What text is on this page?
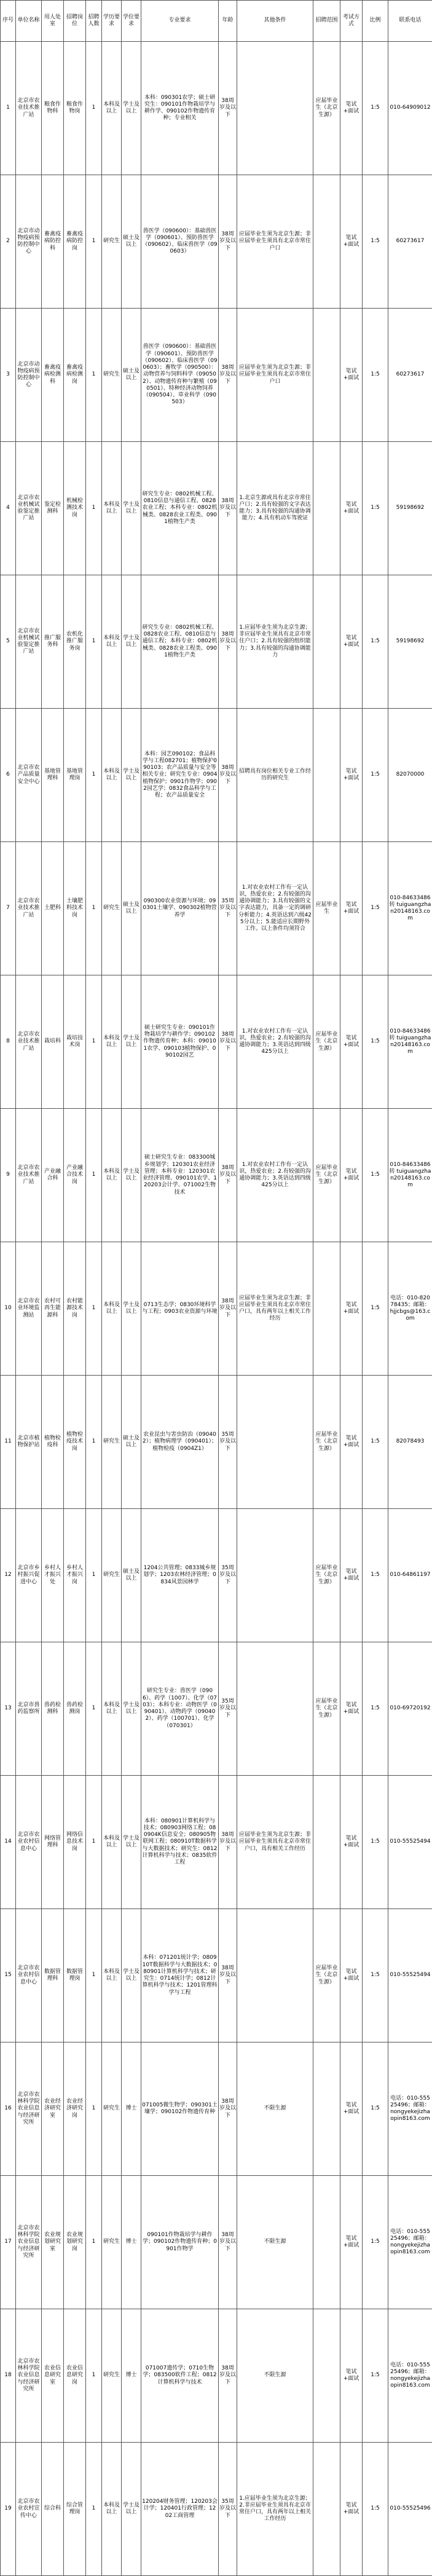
序号	单位名称	用人处室	招聘岗位	招聘人数	学历要求	学位要求	专业要求	年龄	其他条件	招聘范围	考试方式	比例	联系电话
1	北京市农业技术推广站	粮食作物科	粮食作物岗	1	本科及以上	学士及以上	本科：090301农学；硕士研究生：090101作物栽培学与耕作学、090102作物遗传育种；专业相关	38周岁及以下		应届毕业生（北京生源）	笔试+面试	1:5	010-64909012
2	北京市动物疫病预防控制中心	畜禽疫病防控科	畜禽疫病防控岗	1	研究生	硕士及以上	兽医学（090600）：基础兽医学（090601）、预防兽医学（090602）、临床兽医学（090603）	38周岁及以下	应届毕业生须为北京生源；非应届毕业生须具有北京市常住户口		笔试+面试	1:5	60273617
3	北京市动物疫病预防控制中心	畜禽疫病检测科	畜禽疫病检测岗	1	研究生	硕士及以上	兽医学（090600）：基础兽医学（090601）、预防兽医学（090602）、临床兽医学（090603）；畜牧学（090500）：动物营养与饲料科学（090502）、动物遗传育种与繁殖（090501）、特种经济动物饲养（090504）、草业科学（090503）	38周岁及以下	应届毕业生须为北京生源；非应届毕业生须具有北京市常住户口		笔试+面试	1:5	60273617
4	北京市农业机械试验鉴定推广站	鉴定检测科	机械检测技术岗	1	本科及以上	学士及以上	研究生专业：0802机械工程、0810信息与通信工程、0828农业工程；本科专业：0802机械类、0828农业工程类、0901植物生产类	38周岁及以下	1.北京生源或具有北京市常住户口；2.具有较强的文字表达能力；3.具有较强的沟通协调能力；4.具有机动车驾驶证		笔试+面试	1:5	59198692
5	北京市农业机械试验鉴定推广站	推广服务科	农机化推广服务岗	1	本科及以上	学士及以上	研究生专业：0802机械工程、0828农业工程、0810信息与通信工程；本科专业：0802机械类、0828农业工程类、0901植物生产类	38周岁及以下	1.应届毕业生须为北京生源；非应届毕业生须具有北京市常住户口；2.具有较强的组织能力；3.具有较强的沟通协调能力		笔试+面试	1:5	59198692
6	北京市农产品质量安全中心	基地管理科	基地管理岗	1	本科及以上	学士及以上	本科：园艺090102；食品科学与工程082701；植物保护090103；农产品质量与安全等相关专业；研究生专业：0904植物保护；0901作物学；0902园艺学；0832食品科学与工程；农产品质量安全	38周岁及以下	招聘具有岗位相关专业工作经历的研究生		笔试+面试	1:5	82070000
7	北京市农业技术推广站	土肥科	土壤肥料技术岗	1	研究生	硕士及以上	090300农业资源与环境；090301土壤学、090302植物营养学	35周岁及以下	1.对农业农村工作有一定认识，热爱农业；2.有较强的沟通协调能力；3.具有较强的文字表达能力，具备一定的调研分析能力；4.英语达到六级425分以上；5.能适应长期野外工作。以上条件均须符合	应届毕业生	笔试+面试	1:5	010-84633486转 tuiguangzhan20148163.com
8	北京市农业技术推广站	栽培科	栽培技术岗	1	本科及以上	学士及以上	硕士研究生专业：090101作物栽培学与耕作学；090102作物遗传育种；本科：090101农学、090103植物保护、090102园艺	38周岁及以下	1.对农业农村工作有一定认识，热爱农业；2.有较强的沟通协调能力；3.英语达到四级425分以上	应届毕业生（北京生源）	笔试+面试	1:5	010-84633486转 tuiguangzhan20148163.com
9	北京市农业技术推广站	产业融合科	产业融合技术岗	1	本科及以上	学士及以上	硕士研究生专业：083300城乡规划学；120301农业经济管理；本科专业：120301农业经济管理、090101农学、120203会计学、071002生物技术	38周岁及以下	1.对农业农村工作有一定认识，热爱农业；2.有较强的沟通协调能力；3.英语达到四级425分以上	应届毕业生（北京生源）	笔试+面试	1:5	010-84633486转 tuiguangzhan20148163.com
10	北京市农业环境监测站	农村可再生能源科	农村能源技术岗	1	本科及以上	学士及以上	0713生态学；0830环境科学与工程；0903农业资源与环境	38周岁及以下	应届毕业生须为北京生源；非应届毕业生须具有北京市常住户口，具有两年以上相关工作经历		笔试+面试	1:5	电话：010-82078435；邮箱：hjjcbgs@163.com
11	北京市植物保护站	植物检疫科	植物检疫技术岗	1	研究生	硕士及以上	农业昆虫与害虫防治（090402）；植物病理学（090401）；植物检疫（0904Z1）	35周岁及以下		应届毕业生（北京生源）	笔试+面试	1:5	82078493
12	北京市乡村振兴促进中心	乡村人才振兴处	乡村人才振兴岗	1	研究生	硕士及以上	1204公共管理；0833城乡规划学；1203农林经济管理；0834风景园林学	35周岁及以下		应届毕业生（北京生源）	笔试+面试	1:5	010-64861197
13	北京市兽药监察所	兽药检测科	兽药检测岗	1	本科及以上	学士及以上	研究生专业：兽医学（0906）、药学（1007）、化学（0703）；本科专业：动物医学（090401）、动物药学（090402）、药学（100701）、化学（070301）	35周岁及以下		应届毕业生（北京生源）	笔试+面试	1:5	010-69720192
14	北京市农业农村信息中心	网络管理科	网络信息技术岗	1	本科及以上	学士及以上	本科：080901计算机科学与技术；080903网络工程；080904K信息安全；080905物联网工程；080910T数据科学与大数据技术；研究生：0812计算机科学与技术；0835软件工程	38周岁及以下	应届毕业生须为北京生源；非应届毕业生须具有北京市常住户口，具有相关工作经历		笔试+面试	1:5	010-55525494
15	北京市农业农村信息中心	数据管理科	数据管理岗	1	本科及以上	学士及以上	本科：071201统计学；080910T数据科学与大数据技术；080901计算机科学与技术；研究生：0714统计学；0812计算机科学与技术；1201管理科学与工程	38周岁及以下		应届毕业生（北京生源）	笔试+面试	1:5	010-55525494
16	北京市农林科学院农业信息与经济研究所	农业经济研究室	农业经济研究岗	1	研究生	博士	071005微生物学；090301土壤学；090102作物遗传育种	38周岁及以下	不限生源		笔试+面试	1:5	电话：010-55525496；邮箱：nongyekejizhaopin8163.com
17	北京市农林科学院农业信息与经济研究所	农业规划研究室	农业规划研究岗	1	研究生	博士	090101作物栽培学与耕作学；090102作物遗传育种；0901作物学	38周岁及以下	不限生源		笔试+面试	1:5	电话：010-55525496；邮箱：nongyekejizhaopin8163.com
18	北京市农林科学院农业信息与经济研究所	农业信息研究室	农业信息研究岗	1	研究生	博士	071007遗传学；0710生物学；083500软件工程；0812计算机科学与技术	38周岁及以下	不限生源		笔试+面试	1:5	电话：010-55525496；邮箱：nongyekejizhaopin8163.com
19	北京市农业农村宣传中心	综合科	综合管理岗	1	本科及以上	学士及以上	120204财务管理；120203会计学；120401行政管理；1202工商管理	35周岁及以下	1.应届毕业生须为北京生源；2.非应届毕业生须具有北京市常住户口，具有两年以上相关工作经历		笔试+面试	1:5	010-55525496
